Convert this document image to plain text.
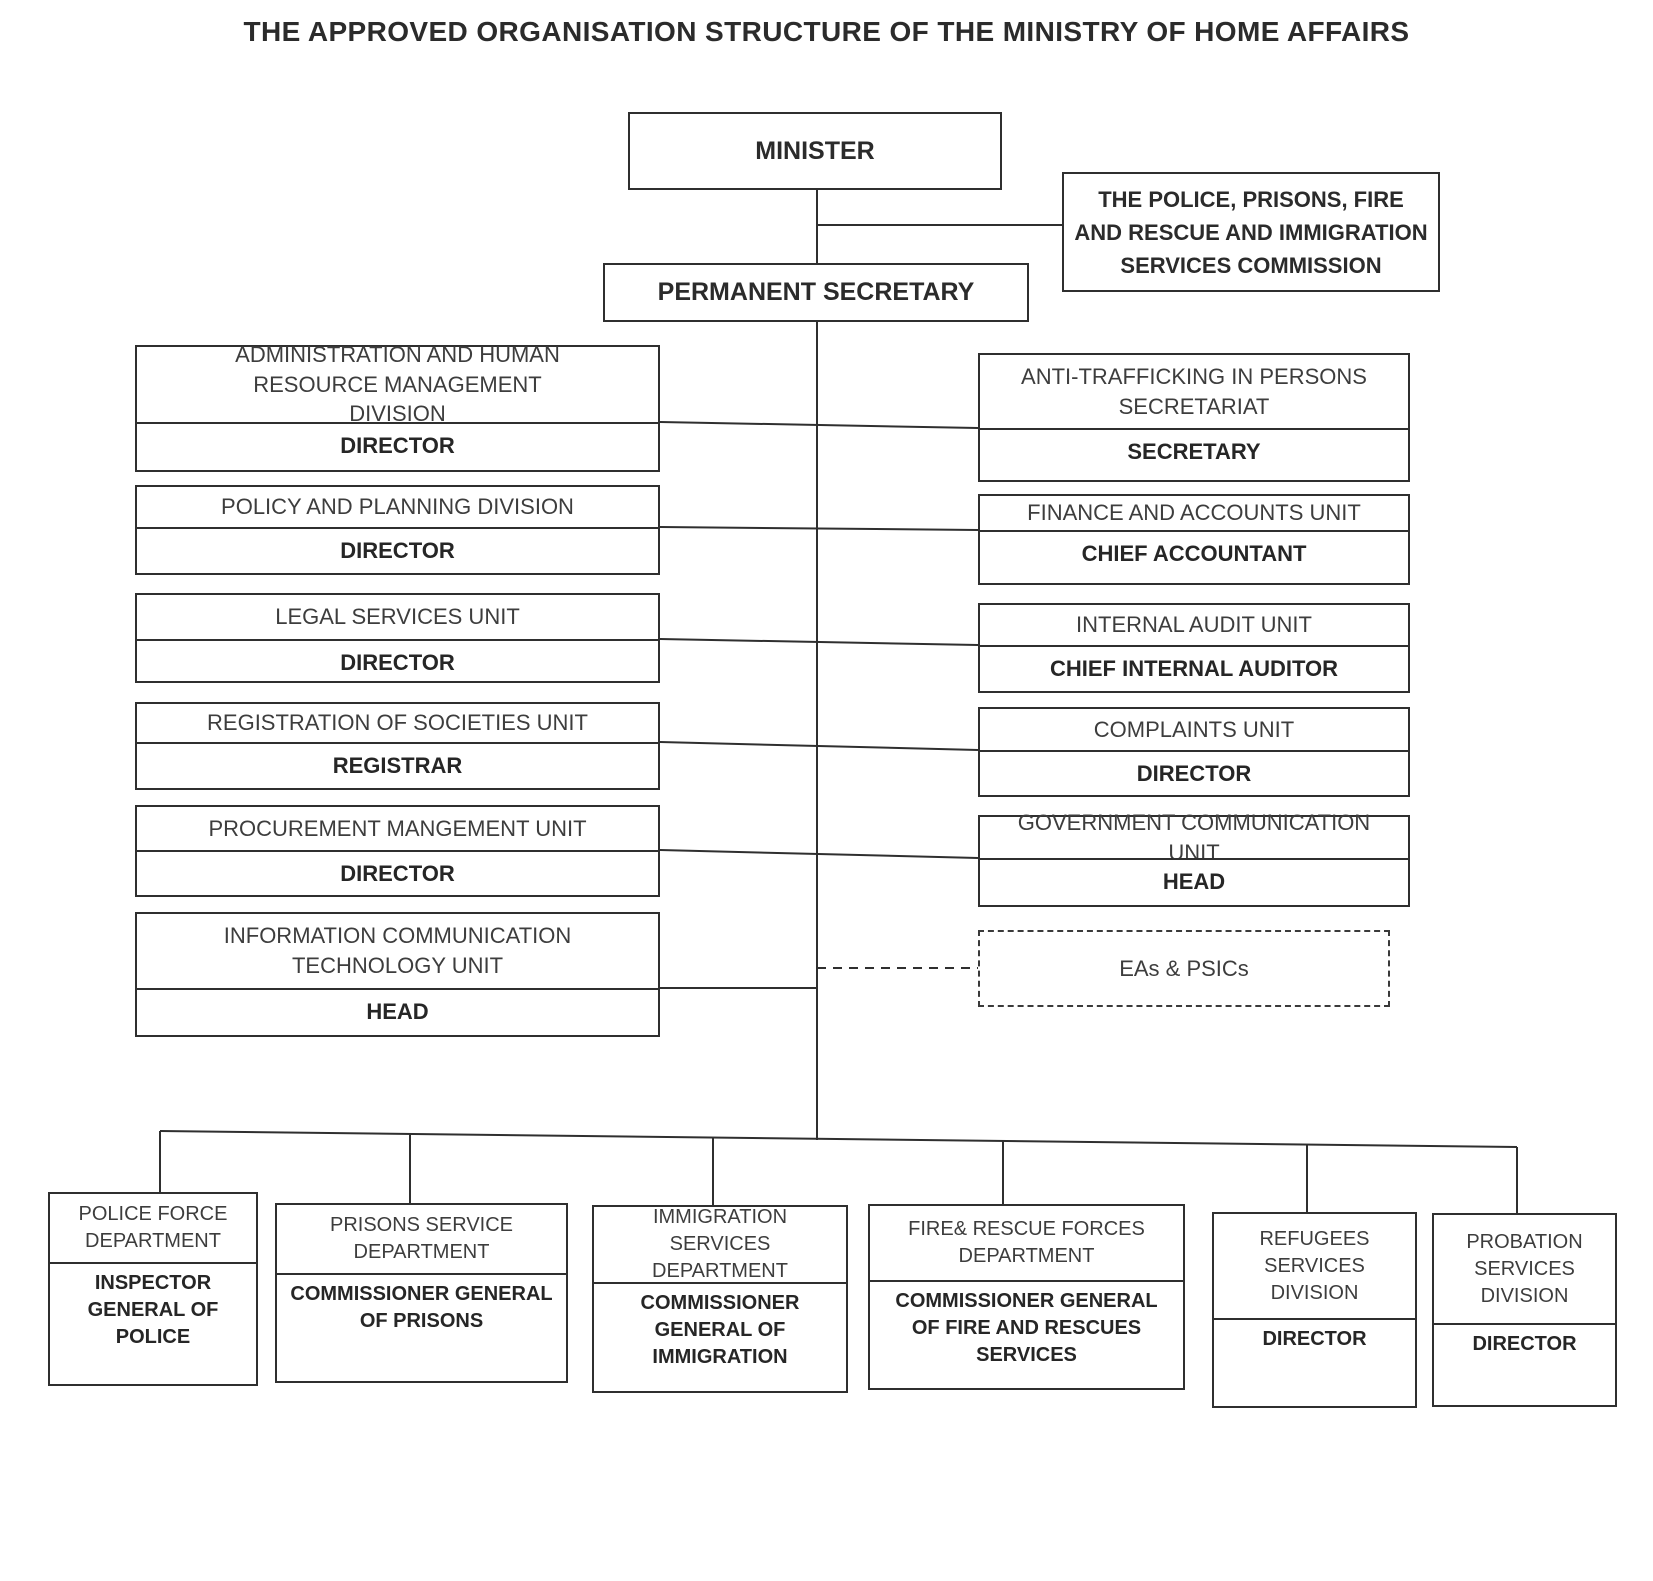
THE APPROVED ORGANISATION STRUCTURE OF THE MINISTRY OF HOME AFFAIRS
MINISTER
THE POLICE, PRISONS, FIRE AND RESCUE AND IMMIGRATION SERVICES COMMISSION
PERMANENT SECRETARY
ADMINISTRATION AND HUMAN RESOURCE MANAGEMENT DIVISION
DIRECTOR
POLICY AND PLANNING DIVISION
DIRECTOR
LEGAL SERVICES UNIT
DIRECTOR
REGISTRATION OF SOCIETIES UNIT
REGISTRAR
PROCUREMENT MANGEMENT UNIT
DIRECTOR
INFORMATION COMMUNICATION TECHNOLOGY UNIT
HEAD
ANTI-TRAFFICKING IN PERSONS SECRETARIAT
SECRETARY
FINANCE AND ACCOUNTS UNIT
CHIEF ACCOUNTANT
INTERNAL AUDIT UNIT
CHIEF INTERNAL AUDITOR
COMPLAINTS UNIT
DIRECTOR
GOVERNMENT COMMUNICATION UNIT
HEAD
EAs & PSICs
POLICE FORCE DEPARTMENT
INSPECTOR GENERAL OF POLICE
PRISONS SERVICE DEPARTMENT
COMMISSIONER GENERAL OF PRISONS
IMMIGRATION SERVICES DEPARTMENT
COMMISSIONER GENERAL OF IMMIGRATION
FIRE& RESCUE FORCES DEPARTMENT
COMMISSIONER GENERAL OF FIRE AND RESCUES SERVICES
REFUGEES SERVICES DIVISION
DIRECTOR
PROBATION SERVICES DIVISION
DIRECTOR
